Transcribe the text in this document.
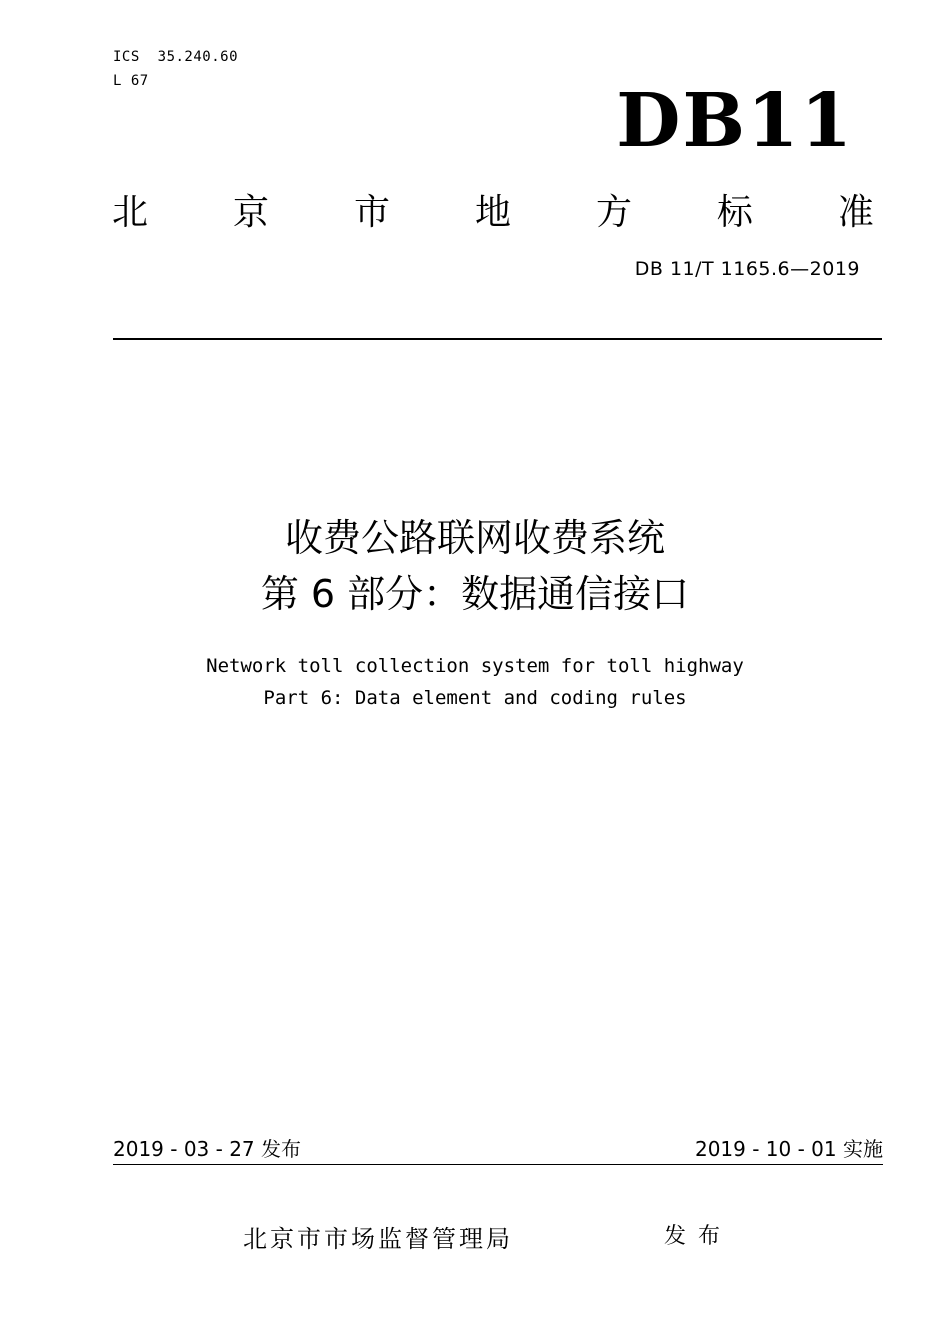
ICS  35.240.60
L 67	DB11
北 京 市 地 方 标 准
DB 11/T 1165.6—2019
收费公路联网收费系统
第 6 部分：数据通信接口
Network toll collection system for toll highway
Part 6: Data element and coding rules
2019 - 03 - 27 发布	2019 - 10 - 01 实施
北京市市场监督管理局	发布
